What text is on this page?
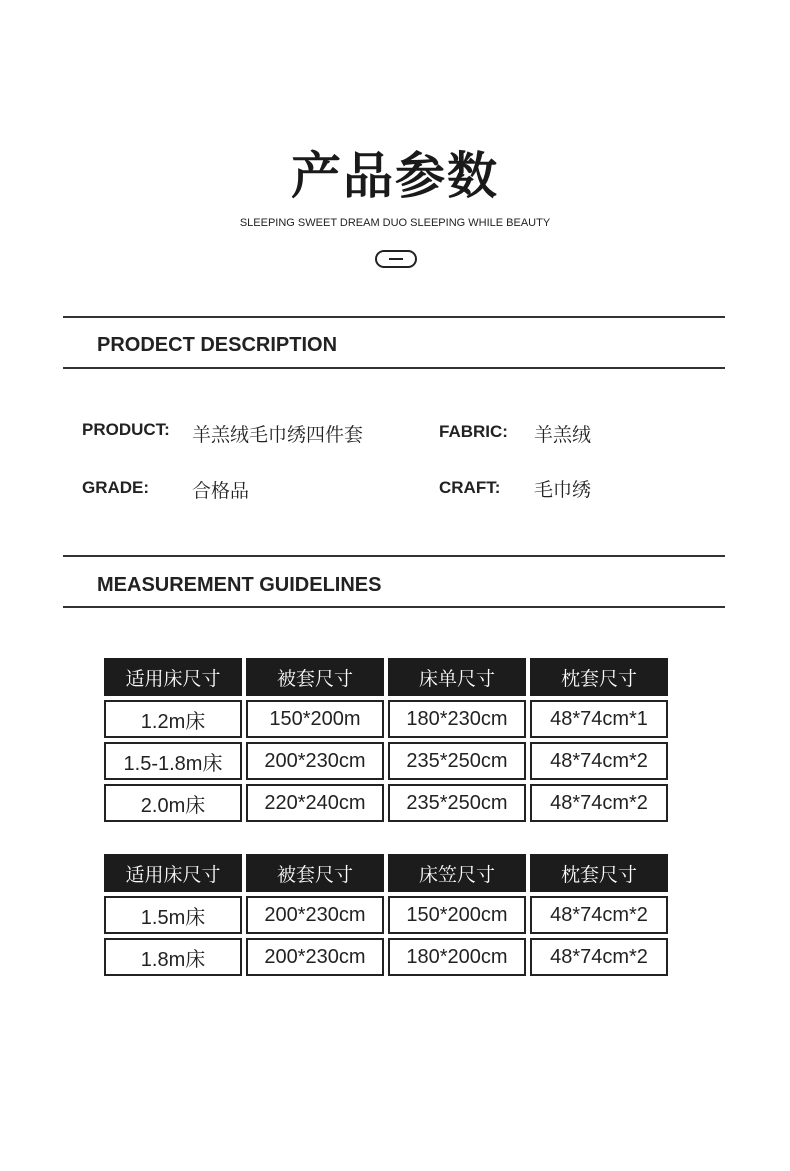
产品参数
SLEEPING SWEET DREAM DUO SLEEPING WHILE BEAUTY
PRODECT DESCRIPTION
PRODUCT: 羊羔绒毛巾绣四件套	FABRIC: 羊羔绒
GRADE: 合格品	CRAFT: 毛巾绣
MEASUREMENT GUIDELINES
适用床尺寸	被套尺寸	床单尺寸	枕套尺寸
1.2m床	150*200m	180*230cm	48*74cm*1
1.5-1.8m床	200*230cm	235*250cm	48*74cm*2
2.0m床	220*240cm	235*250cm	48*74cm*2
适用床尺寸	被套尺寸	床笠尺寸	枕套尺寸
1.5m床	200*230cm	150*200cm	48*74cm*2
1.8m床	200*230cm	180*200cm	48*74cm*2
